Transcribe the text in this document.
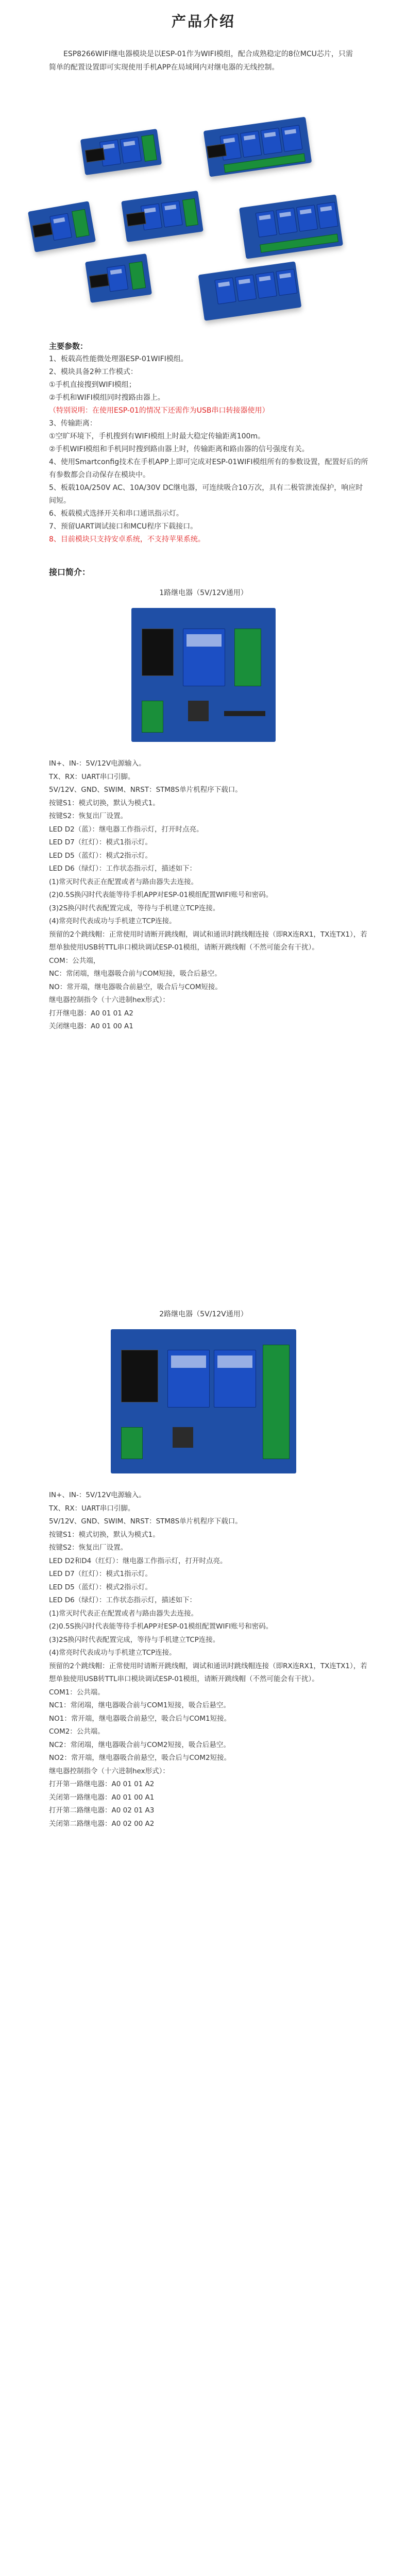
产品介绍
ESP8266WIFI继电器模块是以ESP-01作为WIFI模组，配合成熟稳定的8位MCU芯片，只需简单的配置设置即可实现使用手机APP在局域网内对继电器的无线控制。

主要参数：

1、板载高性能微处理器ESP-01WIFI模组。

2、模块具备2种工作模式：

①手机直接搜到WIFI模组；

②手机和WIFI模组同时搜路由器上。

（特别说明：在使用ESP-01的情况下还需作为USB串口转接器使用）

3、传输距离：

①空旷环境下，手机搜到有WIFI模组上时最大稳定传输距离100m。

②手机WIFI模组和手机同时搜到路由器上时，传输距离和路由器的信号强度有关。

4、使用Smartconfig技术在手机APP上即可完成对ESP-01WIFI模组所有的参数设置，配置好后的所有参数都会自动保存在模块中。

5、板载10A/250V AC、10A/30V DC继电器，可连续吸合10万次，具有二极管泄流保护，响应时间短。

6、板载模式选择开关和串口通讯指示灯。

7、预留UART调试接口和MCU程序下载接口。

8、目前模块只支持安卓系统，不支持苹果系统。

接口简介：
1路继电器（5V/12V通用）

IN+、IN-：5V/12V电源输入。

TX、RX：UART串口引脚。

5V/12V、GND、SWIM、NRST：STM8S单片机程序下载口。

按键S1：模式切换，默认为模式1。

按键S2：恢复出厂设置。

LED D2（蓝）：继电器工作指示灯，打开时点亮。

LED D7（红灯）：模式1指示灯。

LED D5（蓝灯）：模式2指示灯。

LED D6（绿灯）：工作状态指示灯，描述如下：

(1)常灭时代表正在配置或者与路由器失去连接。

(2)0.5S换闪时代表能等待手机APP对ESP-01模组配置WIFI账号和密码。

(3)2S换闪时代表配置完成，等待与手机建立TCP连接。

(4)常亮时代表成功与手机建立TCP连接。

预留的2个跳线帽：正常使用时请断开跳线帽，调试和通讯时跳线帽连接（即RX连RX1，TX连TX1），若想单独使用USB转TTL串口模块调试ESP-01模组，请断开跳线帽（不然可能会有干扰）。

COM：公共端，

NC：常闭端，继电器吸合前与COM短接，吸合后悬空。

NO：常开端，继电器吸合前悬空，吸合后与COM短接。

继电器控制指令（十六进制hex形式）：

打开继电器：A0 01 01 A2

关闭继电器：A0 01 00 A1

2路继电器（5V/12V通用）

IN+、IN-：5V/12V电源输入。

TX、RX：UART串口引脚。

5V/12V、GND、SWIM、NRST：STM8S单片机程序下载口。

按键S1：模式切换，默认为模式1。

按键S2：恢复出厂设置。

LED D2和D4（红灯）：继电器工作指示灯，打开时点亮。

LED D7（红灯）：模式1指示灯。

LED D5（蓝灯）：模式2指示灯。

LED D6（绿灯）：工作状态指示灯，描述如下：

(1)常灭时代表正在配置或者与路由器失去连接。

(2)0.5S换闪时代表能等待手机APP对ESP-01模组配置WIFI账号和密码。

(3)2S换闪时代表配置完成，等待与手机建立TCP连接。

(4)常亮时代表成功与手机建立TCP连接。

预留的2个跳线帽：正常使用时请断开跳线帽，调试和通讯时跳线帽连接（即RX连RX1，TX连TX1），若想单独使用USB转TTL串口模块调试ESP-01模组，请断开跳线帽（不然可能会有干扰）。

COM1：公共端。

NC1：常闭端，继电器吸合前与COM1短接，吸合后悬空。

NO1：常开端，继电器吸合前悬空，吸合后与COM1短接。

COM2：公共端。

NC2：常闭端，继电器吸合前与COM2短接，吸合后悬空。

NO2：常开端，继电器吸合前悬空，吸合后与COM2短接。

继电器控制指令（十六进制hex形式）：

打开第一路继电器：A0 01 01 A2

关闭第一路继电器：A0 01 00 A1

打开第二路继电器：A0 02 01 A3

关闭第二路继电器：A0 02 00 A2
